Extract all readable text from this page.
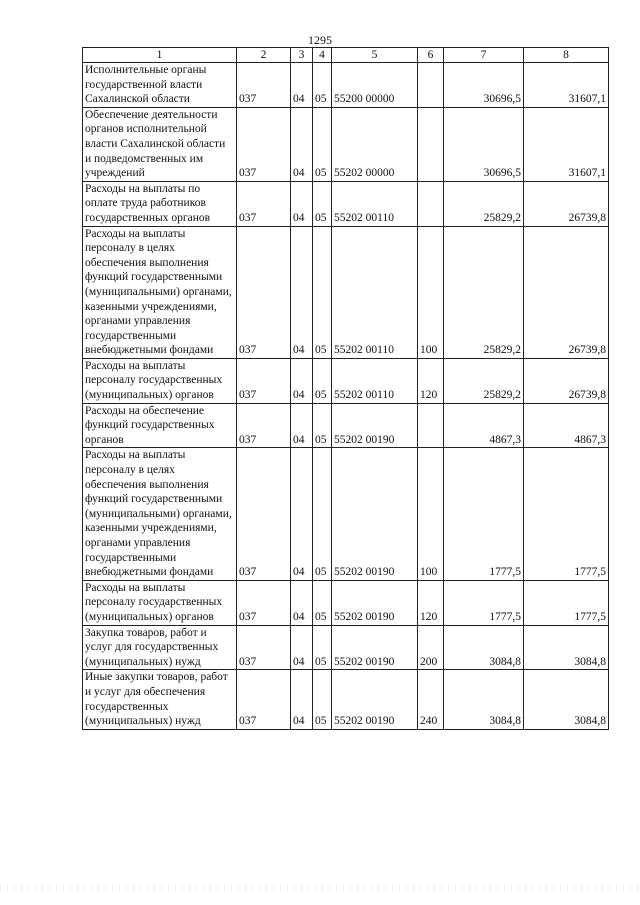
1295
1	2	3	4	5	6	7	8
Исполнительные органы государственной власти Сахалинской области	037	04	05	55200 00000		30696,5	31607,1
Обеспечение деятельности органов исполнительной власти Сахалинской области и подведомственных им учреждений	037	04	05	55202 00000		30696,5	31607,1
Расходы на выплаты по оплате труда работников государственных органов	037	04	05	55202 00110		25829,2	26739,8
Расходы на выплаты персоналу в целях обеспечения выполнения функций государственными (муниципальными) органами, казенными учреждениями, органами управления государственными внебюджетными фондами	037	04	05	55202 00110	100	25829,2	26739,8
Расходы на выплаты персоналу государственных (муниципальных) органов	037	04	05	55202 00110	120	25829,2	26739,8
Расходы на обеспечение функций государственных органов	037	04	05	55202 00190		4867,3	4867,3
Расходы на выплаты персоналу в целях обеспечения выполнения функций государственными (муниципальными) органами, казенными учреждениями, органами управления государственными внебюджетными фондами	037	04	05	55202 00190	100	1777,5	1777,5
Расходы на выплаты персоналу государственных (муниципальных) органов	037	04	05	55202 00190	120	1777,5	1777,5
Закупка товаров, работ и услуг для государственных (муниципальных) нужд	037	04	05	55202 00190	200	3084,8	3084,8
Иные закупки товаров, работ и услуг для обеспечения государственных (муниципальных) нужд	037	04	05	55202 00190	240	3084,8	3084,8
